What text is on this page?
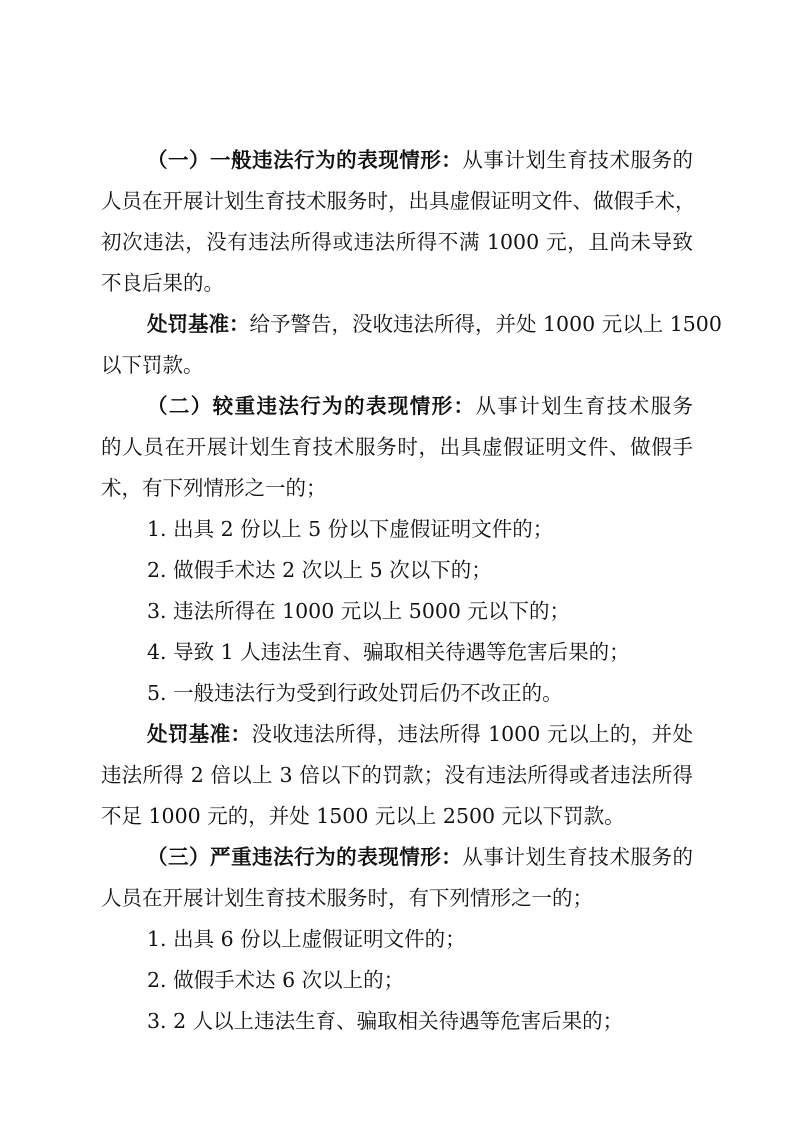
（一）一般违法行为的表现情形：从事计划生育技术服务的
人员在开展计划生育技术服务时，出具虚假证明文件、做假手术，
初次违法，没有违法所得或违法所得不满 1000 元，且尚未导致
不良后果的。
处罚基准：给予警告，没收违法所得，并处 1000 元以上 1500
以下罚款。
（二）较重违法行为的表现情形：从事计划生育技术服务
的人员在开展计划生育技术服务时，出具虚假证明文件、做假手
术，有下列情形之一的；
1. 出具 2 份以上 5 份以下虚假证明文件的；
2. 做假手术达 2 次以上 5 次以下的；
3. 违法所得在 1000 元以上 5000 元以下的；
4. 导致 1 人违法生育、骗取相关待遇等危害后果的；
5. 一般违法行为受到行政处罚后仍不改正的。
处罚基准：没收违法所得，违法所得 1000 元以上的，并处
违法所得 2 倍以上 3 倍以下的罚款；没有违法所得或者违法所得
不足 1000 元的，并处 1500 元以上 2500 元以下罚款。
（三）严重违法行为的表现情形：从事计划生育技术服务的
人员在开展计划生育技术服务时，有下列情形之一的；
1. 出具 6 份以上虚假证明文件的；
2. 做假手术达 6 次以上的；
3. 2 人以上违法生育、骗取相关待遇等危害后果的；
